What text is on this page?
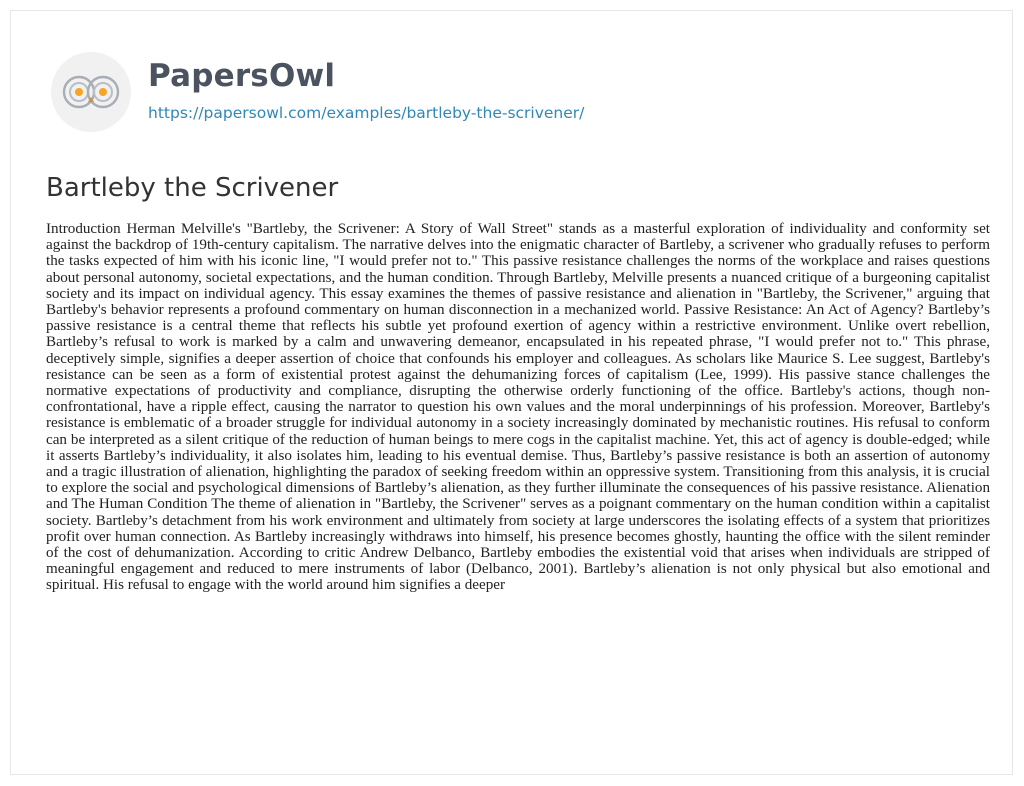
PapersOwl
https://papersowl.com/examples/bartleby-the-scrivener/
Bartleby the Scrivener

Introduction Herman Melville's "Bartleby, the Scrivener: A Story of Wall Street" stands as a masterful exploration of individuality and conformity set against the backdrop of 19th-century capitalism. The narrative delves into the enigmatic character of Bartleby, a scrivener who gradually refuses to perform the tasks expected of him with his iconic line, "I would prefer not to." This passive resistance challenges the norms of the workplace and raises questions about personal autonomy, societal expectations, and the human condition. Through Bartleby, Melville presents a nuanced critique of a burgeoning capitalist society and its impact on individual agency. This essay examines the themes of passive resistance and alienation in "Bartleby, the Scrivener," arguing that Bartleby's behavior represents a profound commentary on human disconnection in a mechanized world. Passive Resistance: An Act of Agency? Bartleby’s passive resistance is a central theme that reflects his subtle yet profound exertion of agency within a restrictive environment. Unlike overt rebellion, Bartleby’s refusal to work is marked by a calm and unwavering demeanor, encapsulated in his repeated phrase, "I would prefer not to." This phrase, deceptively simple, signifies a deeper assertion of choice that confounds his employer and colleagues. As scholars like Maurice S. Lee suggest, Bartleby's resistance can be seen as a form of existential protest against the dehumanizing forces of capitalism (Lee, 1999). His passive stance challenges the normative expectations of productivity and compliance, disrupting the otherwise orderly functioning of the office. Bartleby's actions, though non-confrontational, have a ripple effect, causing the narrator to question his own values and the moral underpinnings of his profession. Moreover, Bartleby's resistance is emblematic of a broader struggle for individual autonomy in a society increasingly dominated by mechanistic routines. His refusal to conform can be interpreted as a silent critique of the reduction of human beings to mere cogs in the capitalist machine. Yet, this act of agency is double-edged; while it asserts Bartleby’s individuality, it also isolates him, leading to his eventual demise. Thus, Bartleby’s passive resistance is both an assertion of autonomy and a tragic illustration of alienation, highlighting the paradox of seeking freedom within an oppressive system. Transitioning from this analysis, it is crucial to explore the social and psychological dimensions of Bartleby’s alienation, as they further illuminate the consequences of his passive resistance. Alienation and The Human Condition The theme of alienation in "Bartleby, the Scrivener" serves as a poignant commentary on the human condition within a capitalist society. Bartleby’s detachment from his work environment and ultimately from society at large underscores the isolating effects of a system that prioritizes profit over human connection. As Bartleby increasingly withdraws into himself, his presence becomes ghostly, haunting the office with the silent reminder of the cost of dehumanization. According to critic Andrew Delbanco, Bartleby embodies the existential void that arises when individuals are stripped of meaningful engagement and reduced to mere instruments of labor (Delbanco, 2001). Bartleby’s alienation is not only physical but also emotional and spiritual. His refusal to engage with the world around him signifies a deeper
